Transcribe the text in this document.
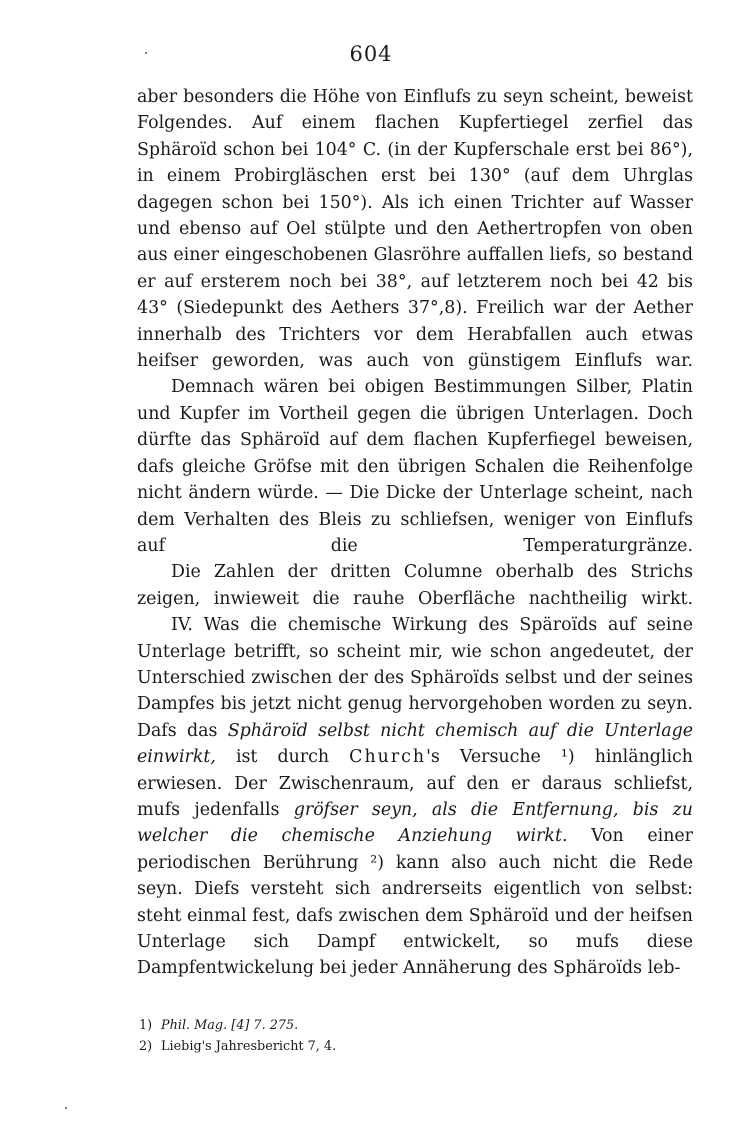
604

aber besonders die Höhe von Einflufs zu seyn scheint, beweist Folgendes. Auf einem flachen Kupfertiegel zerfiel das Sphäroïd schon bei 104° C. (in der Kupferschale erst bei 86°), in einem Probirgläschen erst bei 130° (auf dem Uhrglas dagegen schon bei 150°). Als ich einen Trichter auf Wasser und ebenso auf Oel stülpte und den Aethertropfen von oben aus einer eingeschobenen Glasröhre auffallen liefs, so bestand er auf ersterem noch bei 38°, auf letzterem noch bei 42 bis 43° (Siedepunkt des Aethers 37°,8). Freilich war der Aether innerhalb des Trichters vor dem Herabfallen auch etwas heifser geworden, was auch von günstigem Einflufs war.

Demnach wären bei obigen Bestimmungen Silber, Platin und Kupfer im Vortheil gegen die übrigen Unterlagen. Doch dürfte das Sphäroïd auf dem flachen Kupferfiegel beweisen, dafs gleiche Gröfse mit den übrigen Schalen die Reihenfolge nicht ändern würde. — Die Dicke der Unterlage scheint, nach dem Verhalten des Bleis zu schliefsen, weniger von Einflufs auf die Temperaturgränze.

Die Zahlen der dritten Columne oberhalb des Strichs zeigen, inwieweit die rauhe Oberfläche nachtheilig wirkt.

IV. Was die chemische Wirkung des Späroïds auf seine Unterlage betrifft, so scheint mir, wie schon angedeutet, der Unterschied zwischen der des Sphäroïds selbst und der seines Dampfes bis jetzt nicht genug hervorgehoben worden zu seyn. Dafs das Sphäroïd selbst nicht chemisch auf die Unterlage einwirkt, ist durch Church's Versuche ¹) hinlänglich erwiesen. Der Zwischenraum, auf den er daraus schliefst, mufs jedenfalls gröfser seyn, als die Entfernung, bis zu welcher die chemische Anziehung wirkt. Von einer periodischen Berührung ²) kann also auch nicht die Rede seyn. Diefs versteht sich andrerseits eigentlich von selbst: steht einmal fest, dafs zwischen dem Sphäroïd und der heifsen Unterlage sich Dampf entwickelt, so mufs diese Dampfentwickelung bei jeder Annäherung des Sphäroïds leb-

1) Phil. Mag. [4] 7. 275.

2) Liebig's Jahresbericht 7, 4.
